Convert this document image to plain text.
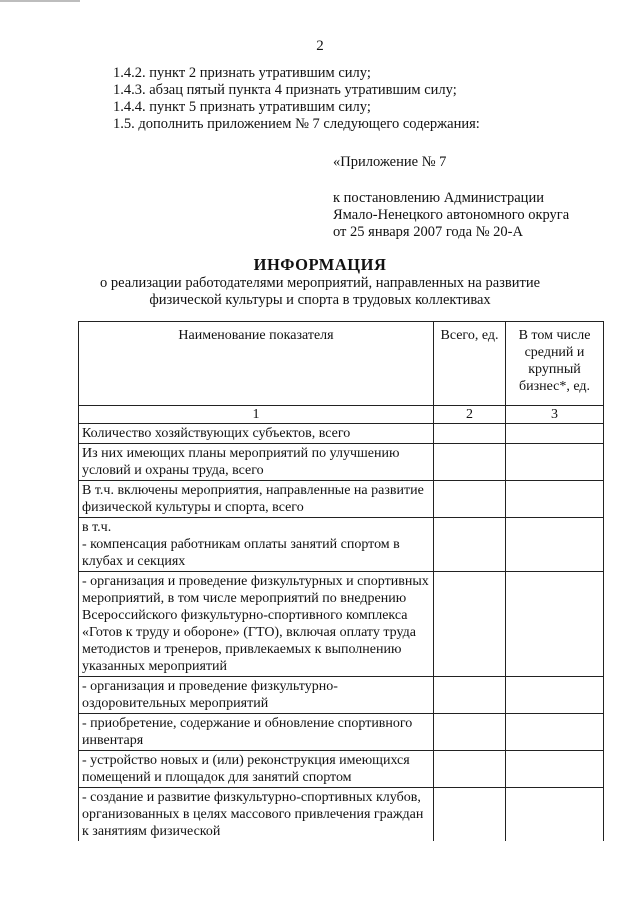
2
1.4.2. пункт 2 признать утратившим силу;
1.4.3. абзац пятый пункта 4 признать утратившим силу;
1.4.4. пункт 5 признать утратившим силу;
1.5. дополнить приложением № 7 следующего содержания:
«Приложение № 7
к постановлению Администрации
Ямало-Ненецкого автономного округа
от 25 января 2007 года № 20-А
ИНФОРМАЦИЯ
о реализации работодателями мероприятий, направленных на развитие
физической культуры и спорта в трудовых коллективах
Наименование показателя	Всего, ед.	В том числе средний и крупный бизнес*, ед.
1	2	3
Количество хозяйствующих субъектов, всего		
Из них имеющих планы мероприятий по улучшению условий и охраны труда, всего		
В т.ч. включены мероприятия, направленные на развитие физической культуры и спорта, всего		
в т.ч.
- компенсация работникам оплаты занятий спортом в клубах и секциях		
- организация и проведение физкультурных и спортивных мероприятий, в том числе мероприятий по внедрению Всероссийского физкультурно-спортивного комплекса «Готов к труду и обороне» (ГТО), включая оплату труда методистов и тренеров, привлекаемых к выполнению указанных мероприятий		
- организация и проведение физкультурно-оздоровительных мероприятий		
- приобретение, содержание и обновление спортивного инвентаря		
- устройство новых и (или) реконструкция имеющихся помещений и площадок для занятий спортом		
- создание и развитие физкультурно-спортивных клубов, организованных в целях массового привлечения граждан к занятиям физической		
